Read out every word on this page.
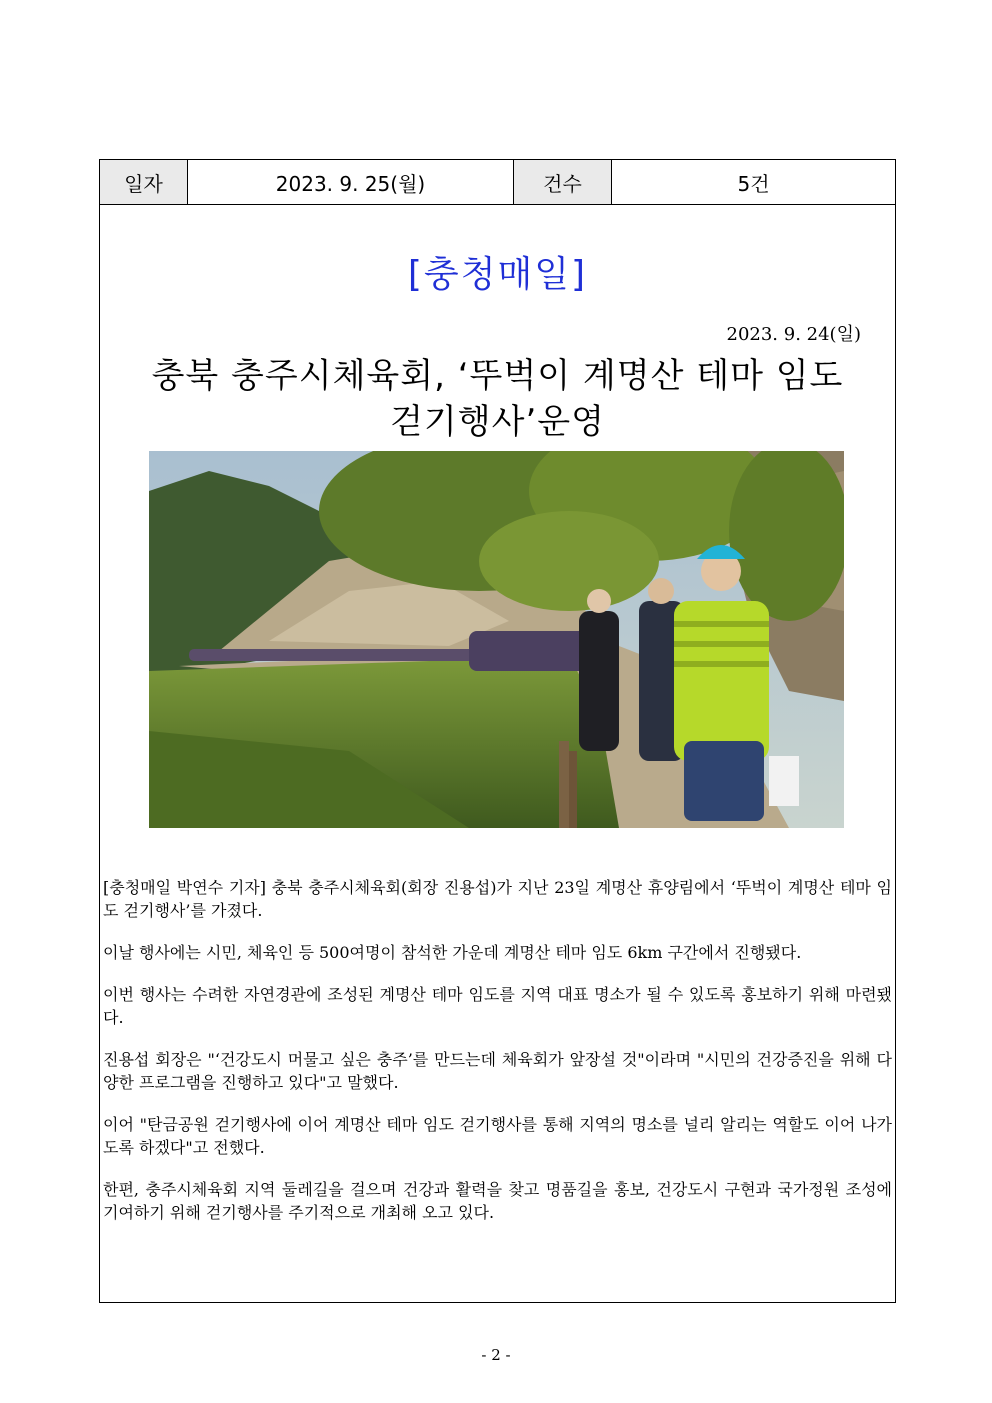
일자	2023. 9. 25(월)	건수	5건
[충청매일]
2023. 9. 24(일)
충북 충주시체육회, ‘뚜벅이 계명산 테마 임도
걷기행사’운영

[충청매일 박연수 기자] 충북 충주시체육회(회장 진용섭)가 지난 23일 계명산 휴양림에서 ‘뚜벅이 계명산 테마 임도 걷기행사’를 가졌다.

이날 행사에는 시민, 체육인 등 500여명이 참석한 가운데 계명산 테마 임도 6km 구간에서 진행됐다.

이번 행사는 수려한 자연경관에 조성된 계명산 테마 임도를 지역 대표 명소가 될 수 있도록 홍보하기 위해 마련됐다.

진용섭 회장은 "‘건강도시 머물고 싶은 충주’를 만드는데 체육회가 앞장설 것"이라며 "시민의 건강증진을 위해 다양한 프로그램을 진행하고 있다"고 말했다.

이어 "탄금공원 걷기행사에 이어 계명산 테마 임도 걷기행사를 통해 지역의 명소를 널리 알리는 역할도 이어 나가도록 하겠다"고 전했다.

한편, 충주시체육회 지역 둘레길을 걸으며 건강과 활력을 찾고 명품길을 홍보, 건강도시 구현과 국가정원 조성에 기여하기 위해 걷기행사를 주기적으로 개최해 오고 있다.

- 2 -
